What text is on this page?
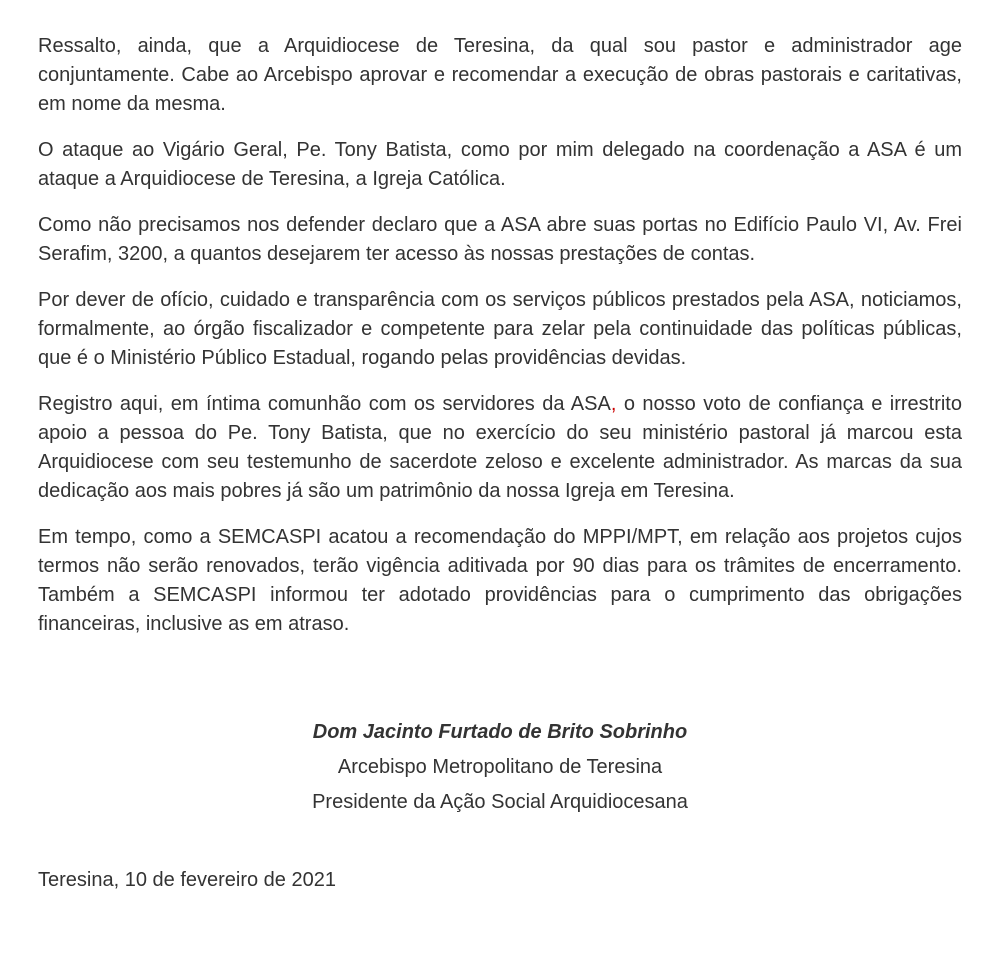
Ressalto, ainda, que a Arquidiocese de Teresina, da qual sou pastor e administrador age conjuntamente. Cabe ao Arcebispo aprovar e recomendar a execução de obras pastorais e caritativas, em nome da mesma.

O ataque ao Vigário Geral, Pe. Tony Batista, como por mim delegado na coordenação a ASA é um ataque a Arquidiocese de Teresina, a Igreja Católica.

Como não precisamos nos defender declaro que a ASA abre suas portas no Edifício Paulo VI, Av. Frei Serafim, 3200, a quantos desejarem ter acesso às nossas prestações de contas.

Por dever de ofício, cuidado e transparência com os serviços públicos prestados pela ASA, noticiamos, formalmente, ao órgão fiscalizador e competente para zelar pela continuidade das políticas públicas, que é o Ministério Público Estadual, rogando pelas providências devidas.

Registro aqui, em íntima comunhão com os servidores da ASA, o nosso voto de confiança e irrestrito apoio a pessoa do Pe. Tony Batista, que no exercício do seu ministério pastoral já marcou esta Arquidiocese com seu testemunho de sacerdote zeloso e excelente administrador. As marcas da sua dedicação aos mais pobres já são um patrimônio da nossa Igreja em Teresina.

Em tempo, como a SEMCASPI acatou a recomendação do MPPI/MPT, em relação aos projetos cujos termos não serão renovados, terão vigência aditivada por 90 dias para os trâmites de encerramento. Também a SEMCASPI informou ter adotado providências para o cumprimento das obrigações financeiras, inclusive as em atraso.

Dom Jacinto Furtado de Brito Sobrinho
Arcebispo Metropolitano de Teresina
Presidente da Ação Social Arquidiocesana
Teresina, 10 de fevereiro de 2021
